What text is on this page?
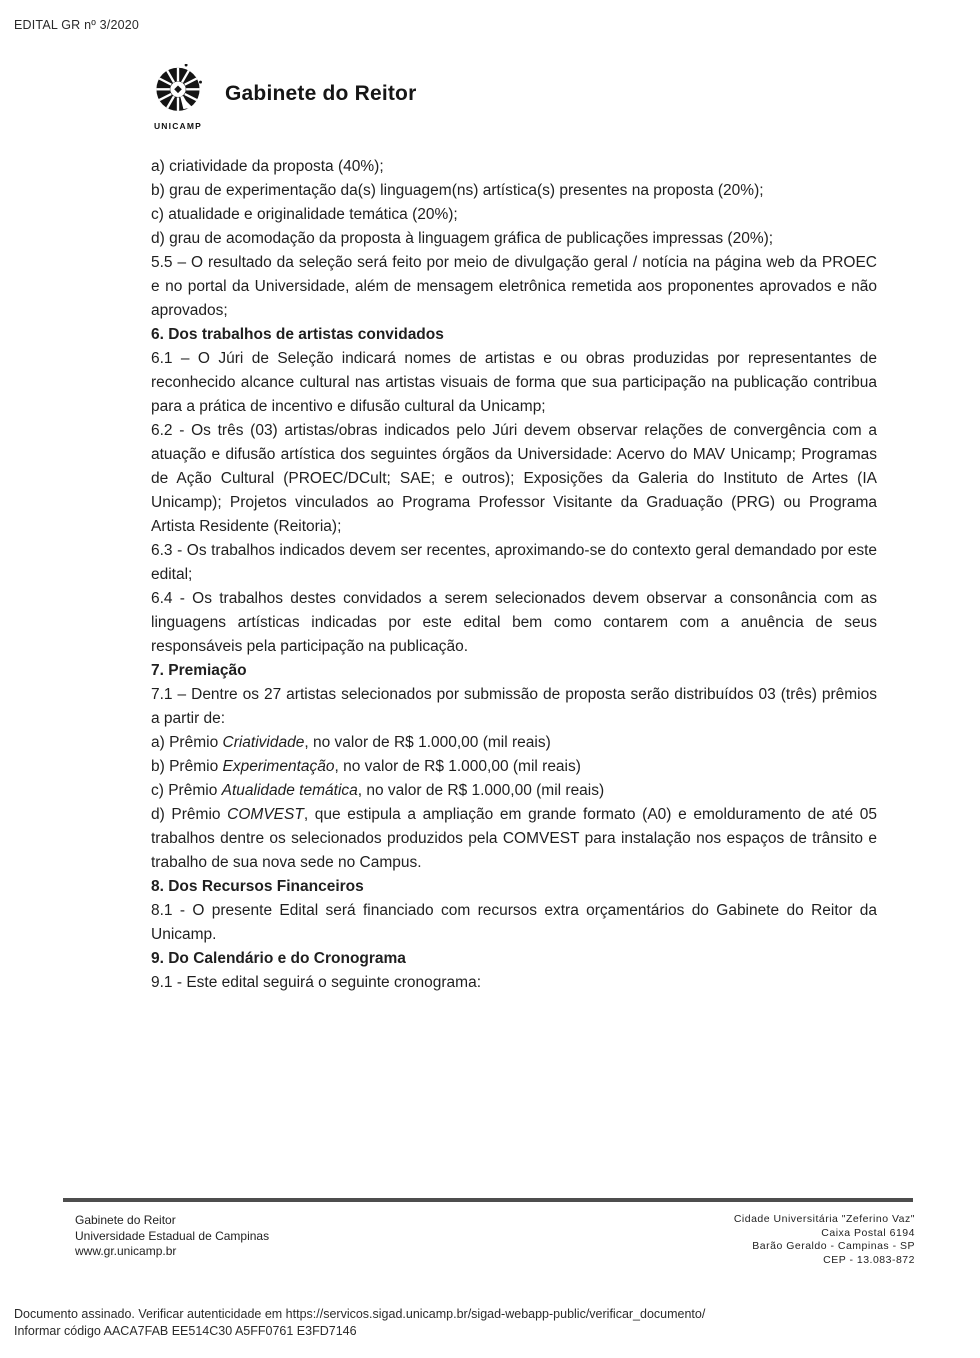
EDITAL GR nº 3/2020
UNICAMP
Gabinete do Reitor

a) criatividade da proposta (40%);

b) grau de experimentação da(s) linguagem(ns) artística(s) presentes na proposta (20%);

c) atualidade e originalidade temática (20%);

d) grau de acomodação da proposta à linguagem gráfica de publicações impressas (20%);

5.5 – O resultado da seleção será feito por meio de divulgação geral / notícia na página web da PROEC e no portal da Universidade, além de mensagem eletrônica remetida aos proponentes aprovados e não aprovados;

6. Dos trabalhos de artistas convidados

6.1 – O Júri de Seleção indicará nomes de artistas e ou obras produzidas por representantes de reconhecido alcance cultural nas artistas visuais de forma que sua participação na publicação contribua para a prática de incentivo e difusão cultural da Unicamp;

6.2 - Os três (03) artistas/obras indicados pelo Júri devem observar relações de convergência com a atuação e difusão artística dos seguintes órgãos da Universidade: Acervo do MAV Unicamp; Programas de Ação Cultural (PROEC/DCult; SAE; e outros); Exposições da Galeria do Instituto de Artes (IA Unicamp); Projetos vinculados ao Programa Professor Visitante da Graduação (PRG) ou Programa Artista Residente (Reitoria);

6.3 - Os trabalhos indicados devem ser recentes, aproximando-se do contexto geral demandado por este edital;

6.4 - Os trabalhos destes convidados a serem selecionados devem observar a consonância com as linguagens artísticas indicadas por este edital bem como contarem com a anuência de seus responsáveis pela participação na publicação.

7. Premiação

7.1 – Dentre os 27 artistas selecionados por submissão de proposta serão distribuídos 03 (três) prêmios a partir de:

a) Prêmio Criatividade, no valor de R$ 1.000,00 (mil reais)

b) Prêmio Experimentação, no valor de R$ 1.000,00 (mil reais)

c) Prêmio Atualidade temática, no valor de R$ 1.000,00 (mil reais)

d) Prêmio COMVEST, que estipula a ampliação em grande formato (A0) e emolduramento de até 05 trabalhos dentre os selecionados produzidos pela COMVEST para instalação nos espaços de trânsito e trabalho de sua nova sede no Campus.

8. Dos Recursos Financeiros

8.1 - O presente Edital será financiado com recursos extra orçamentários do Gabinete do Reitor da Unicamp.

9. Do Calendário e do Cronograma

9.1 - Este edital seguirá o seguinte cronograma:

Gabinete do Reitor
Universidade Estadual de Campinas
www.gr.unicamp.br
Cidade Universitária "Zeferino Vaz"
Caixa Postal 6194
Barão Geraldo - Campinas - SP
CEP - 13.083-872
Documento assinado. Verificar autenticidade em https://servicos.sigad.unicamp.br/sigad-webapp-public/verificar_documento/
Informar código AACA7FAB EE514C30 A5FF0761 E3FD7146
